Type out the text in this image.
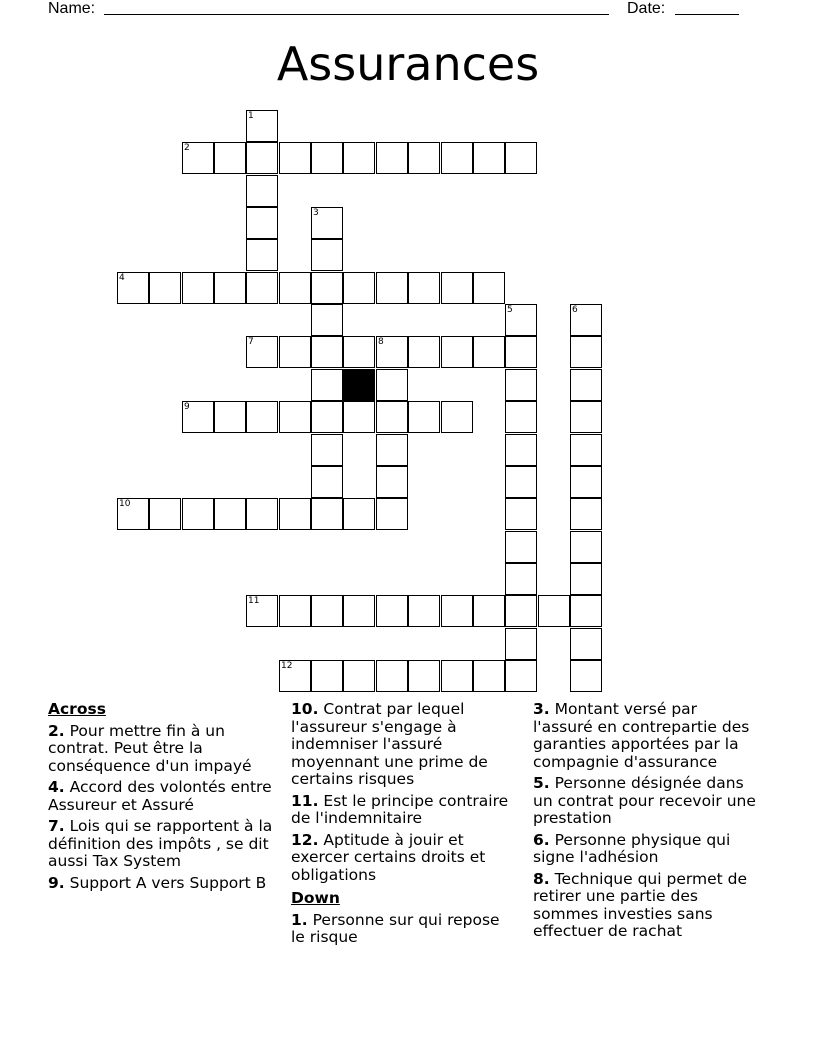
Name:	Date:
Assurances
1
2
3
4
5	6
7	8
9
10
11
12
Across
2. Pour mettre fin à un contrat. Peut être la conséquence d'un impayé
4. Accord des volontés entre Assureur et Assuré
7. Lois qui se rapportent à la définition des impôts , se dit aussi Tax System
9. Support A vers Support B
10. Contrat par lequel l'assureur s'engage à indemniser l'assuré moyennant une prime de certains risques
11. Est le principe contraire de l'indemnitaire
12. Aptitude à jouir et exercer certains droits et obligations
Down
1. Personne sur qui repose le risque
3. Montant versé par l'assuré en contrepartie des garanties apportées par la compagnie d'assurance
5. Personne désignée dans un contrat pour recevoir une prestation
6. Personne physique qui signe l'adhésion
8. Technique qui permet de retirer une partie des sommes investies sans effectuer de rachat
